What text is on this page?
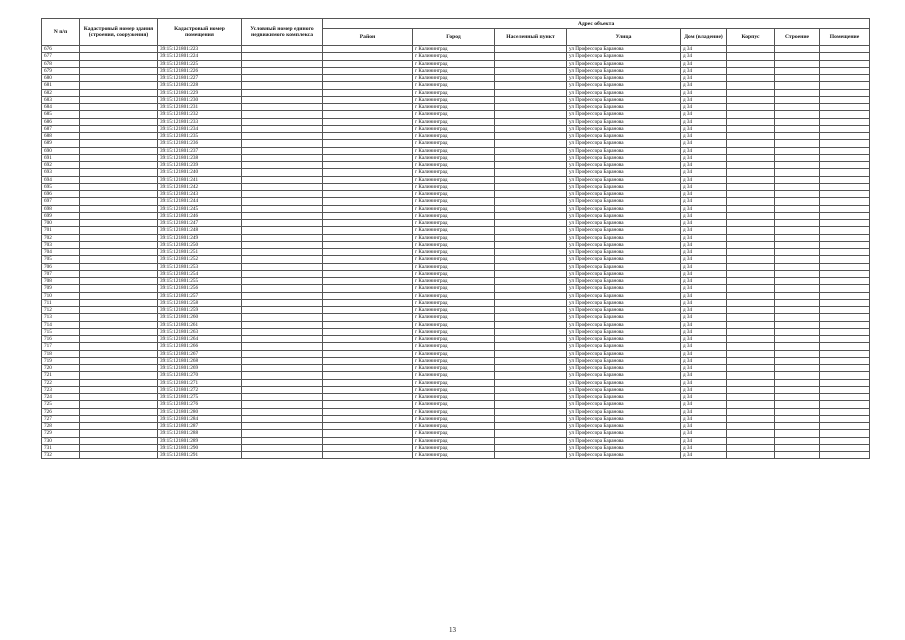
N п/п	Кадастровый номер здания (строения, сооружения)	Кадастровый номер помещения	Условный номер единого недвижимого комплекса	Адрес объекта							
				Район	Город	Населенный пункт	Улица	Дом (владение)	Корпус	Строение	Помещение
676		39:15:121801:223			г Калининград		ул Профессора Баранова	д 34			
677		39:15:121801:224			г Калининград		ул Профессора Баранова	д 34			
678		39:15:121801:225			г Калининград		ул Профессора Баранова	д 34			
679		39:15:121801:226			г Калининград		ул Профессора Баранова	д 34			
680		39:15:121801:227			г Калининград		ул Профессора Баранова	д 34			
681		39:15:121801:228			г Калининград		ул Профессора Баранова	д 34			
682		39:15:121801:229			г Калининград		ул Профессора Баранова	д 34			
683		39:15:121801:230			г Калининград		ул Профессора Баранова	д 34			
684		39:15:121801:231			г Калининград		ул Профессора Баранова	д 34			
685		39:15:121801:232			г Калининград		ул Профессора Баранова	д 34			
686		39:15:121801:233			г Калининград		ул Профессора Баранова	д 34			
687		39:15:121801:234			г Калининград		ул Профессора Баранова	д 34			
688		39:15:121801:235			г Калининград		ул Профессора Баранова	д 34			
689		39:15:121801:236			г Калининград		ул Профессора Баранова	д 34			
690		39:15:121801:237			г Калининград		ул Профессора Баранова	д 34			
691		39:15:121801:238			г Калининград		ул Профессора Баранова	д 34			
692		39:15:121801:239			г Калининград		ул Профессора Баранова	д 34			
693		39:15:121801:240			г Калининград		ул Профессора Баранова	д 34			
694		39:15:121801:241			г Калининград		ул Профессора Баранова	д 34			
695		39:15:121801:242			г Калининград		ул Профессора Баранова	д 34			
696		39:15:121801:243			г Калининград		ул Профессора Баранова	д 34			
697		39:15:121801:244			г Калининград		ул Профессора Баранова	д 34			
698		39:15:121801:245			г Калининград		ул Профессора Баранова	д 34			
699		39:15:121801:246			г Калининград		ул Профессора Баранова	д 34			
700		39:15:121801:247			г Калининград		ул Профессора Баранова	д 34			
701		39:15:121801:248			г Калининград		ул Профессора Баранова	д 34			
702		39:15:121801:249			г Калининград		ул Профессора Баранова	д 34			
703		39:15:121801:250			г Калининград		ул Профессора Баранова	д 34			
704		39:15:121801:251			г Калининград		ул Профессора Баранова	д 34			
705		39:15:121801:252			г Калининград		ул Профессора Баранова	д 34			
706		39:15:121801:253			г Калининград		ул Профессора Баранова	д 34			
707		39:15:121801:254			г Калининград		ул Профессора Баранова	д 34			
708		39:15:121801:255			г Калининград		ул Профессора Баранова	д 34			
709		39:15:121801:256			г Калининград		ул Профессора Баранова	д 34			
710		39:15:121801:257			г Калининград		ул Профессора Баранова	д 34			
711		39:15:121801:258			г Калининград		ул Профессора Баранова	д 34			
712		39:15:121801:259			г Калининград		ул Профессора Баранова	д 34			
713		39:15:121801:260			г Калининград		ул Профессора Баранова	д 34			
714		39:15:121801:261			г Калининград		ул Профессора Баранова	д 34			
715		39:15:121801:263			г Калининград		ул Профессора Баранова	д 34			
716		39:15:121801:264			г Калининград		ул Профессора Баранова	д 34			
717		39:15:121801:266			г Калининград		ул Профессора Баранова	д 34			
718		39:15:121801:267			г Калининград		ул Профессора Баранова	д 34			
719		39:15:121801:268			г Калининград		ул Профессора Баранова	д 34			
720		39:15:121801:269			г Калининград		ул Профессора Баранова	д 34			
721		39:15:121801:270			г Калининград		ул Профессора Баранова	д 34			
722		39:15:121801:271			г Калининград		ул Профессора Баранова	д 34			
723		39:15:121801:272			г Калининград		ул Профессора Баранова	д 34			
724		39:15:121801:275			г Калининград		ул Профессора Баранова	д 34			
725		39:15:121801:276			г Калининград		ул Профессора Баранова	д 34			
726		39:15:121801:280			г Калининград		ул Профессора Баранова	д 34			
727		39:15:121801:284			г Калининград		ул Профессора Баранова	д 34			
728		39:15:121801:287			г Калининград		ул Профессора Баранова	д 34			
729		39:15:121801:288			г Калининград		ул Профессора Баранова	д 34			
730		39:15:121801:289			г Калининград		ул Профессора Баранова	д 34			
731		39:15:121801:290			г Калининград		ул Профессора Баранова	д 34			
732		39:15:121801:291			г Калининград		ул Профессора Баранова	д 34			
13
